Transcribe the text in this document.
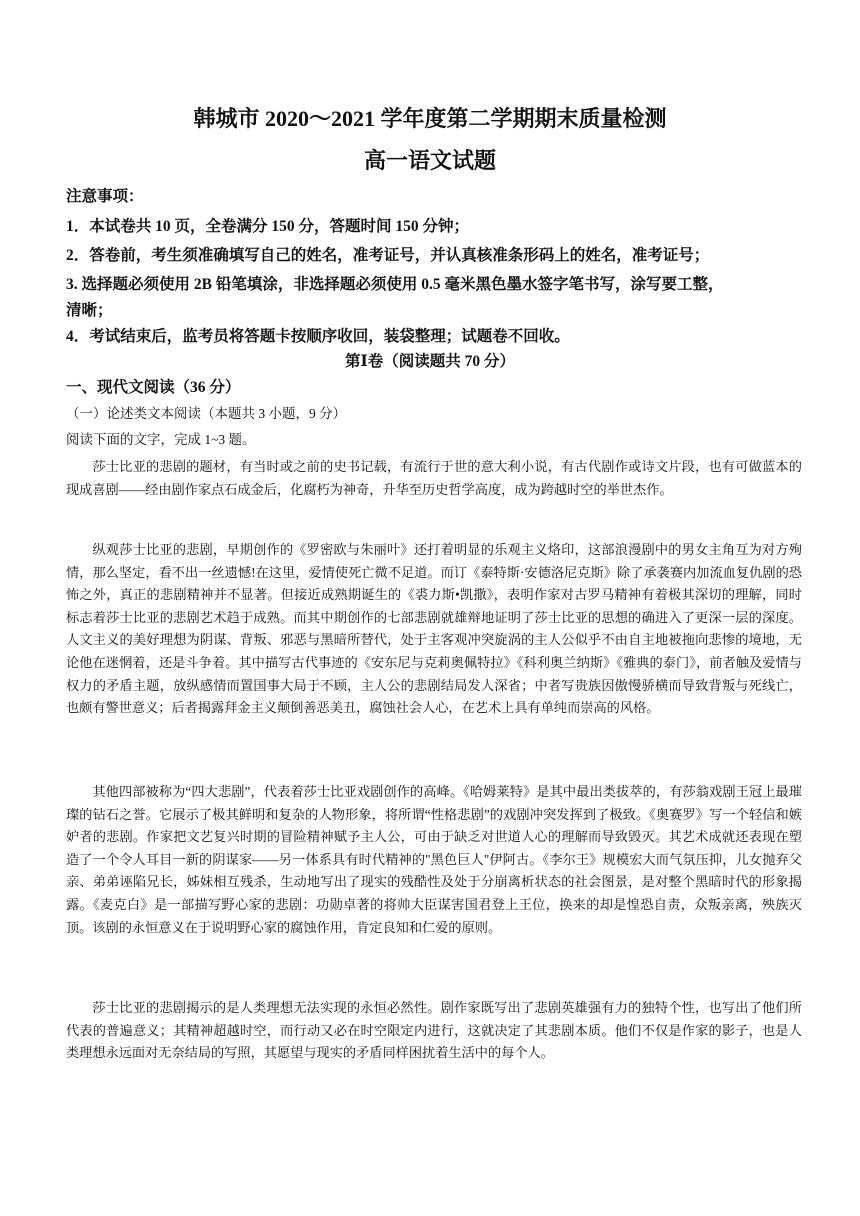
韩城市 2020～2021 学年度第二学期期末质量检测
高一语文试题
注意事项：
1．本试卷共 10 页，全卷满分 150 分，答题时间 150 分钟；
2．答卷前，考生须准确填写自己的姓名，准考证号，并认真核准条形码上的姓名，准考证号；
3. 选择题必须使用 2B 铅笔填涂，非选择题必须使用 0.5 毫米黑色墨水签字笔书写，涂写要工整，
清晰；
4．考试结束后，监考员将答题卡按顺序收回，装袋整理；试题卷不回收。
第Ⅰ卷（阅读题共 70 分）
一、现代文阅读（36 分）
（一）论述类文本阅读（本题共 3 小题，9 分）
阅读下面的文字，完成 1~3 题。

莎士比亚的悲剧的题材，有当时或之前的史书记载，有流行于世的意大利小说，有古代剧作或诗文片段，也有可做蓝本的现成喜剧——经由剧作家点石成金后，化腐朽为神奇，升华至历史哲学高度，成为跨越时空的举世杰作。

纵观莎士比亚的悲剧，早期创作的《罗密欧与朱丽叶》还打着明显的乐观主义烙印，这部浪漫剧中的男女主角互为对方殉情，那么坚定，看不出一丝遗憾!在这里，爱情使死亡微不足道。而订《泰特斯·安德洛尼克斯》除了承袭赛内加流血复仇剧的恐怖之外，真正的悲剧精神并不显著。但接近成熟期诞生的《裘力斯•凯撒》，表明作家对古罗马精神有着极其深切的理解，同时标志着莎士比亚的悲剧艺术趋于成熟。而其中期创作的七部悲剧就雄辩地证明了莎士比亚的思想的确进入了更深一层的深度。人文主义的美好理想为阴谋、背叛、邪恶与黑暗所替代，处于主客观冲突旋涡的主人公似乎不由自主地被拖向悲惨的境地，无论他在迷惘着，还是斗争着。其中描写古代事迹的《安东尼与克莉奥佩特拉》《科利奥兰纳斯》《雅典的泰门》，前者触及爱情与权力的矛盾主题，放纵感情而置国事大局于不顾，主人公的悲剧结局发人深省；中者写贵族因傲慢骄横而导致背叛与死线亡，也颇有警世意义；后者揭露拜金主义颠倒善恶美丑，腐蚀社会人心，在艺术上具有单纯而崇高的风格。

其他四部被称为“四大悲剧”，代表着莎士比亚戏剧创作的高峰。《哈姆莱特》是其中最出类拔萃的，有莎翁戏剧王冠上最璀璨的钻石之誉。它展示了极其鲜明和复杂的人物形象，将所谓“性格悲剧”的戏剧冲突发挥到了极致。《奥赛罗》写一个轻信和嫉妒者的悲剧。作家把文艺复兴时期的冒险精神赋予主人公，可由于缺乏对世道人心的理解而导致毁灭。其艺术成就还表现在塑造了一个令人耳目一新的阴谋家——另一体系具有时代精神的"黑色巨人"伊阿古。《李尔王》规模宏大而气氛压抑，儿女抛弃父亲、弟弟诬陷兄长，姊妹相互残杀，生动地写出了现实的残酷性及处于分崩离析状态的社会图景，是对整个黑暗时代的形象揭露。《麦克白》是一部描写野心家的悲剧：功勋卓著的将帅大臣谋害国君登上王位，换来的却是惶恐自责，众叛亲离，殃族灭顶。该剧的永恒意义在于说明野心家的腐蚀作用，肯定良知和仁爱的原则。

莎士比亚的悲剧揭示的是人类理想无法实现的永恒必然性。剧作家既写出了悲剧英雄强有力的独特个性，也写出了他们所代表的普遍意义；其精神超越时空，而行动又必在时空限定内进行，这就决定了其悲剧本质。他们不仅是作家的影子，也是人类理想永远面对无奈结局的写照，其愿望与现实的矛盾同样困扰着生活中的每个人。
